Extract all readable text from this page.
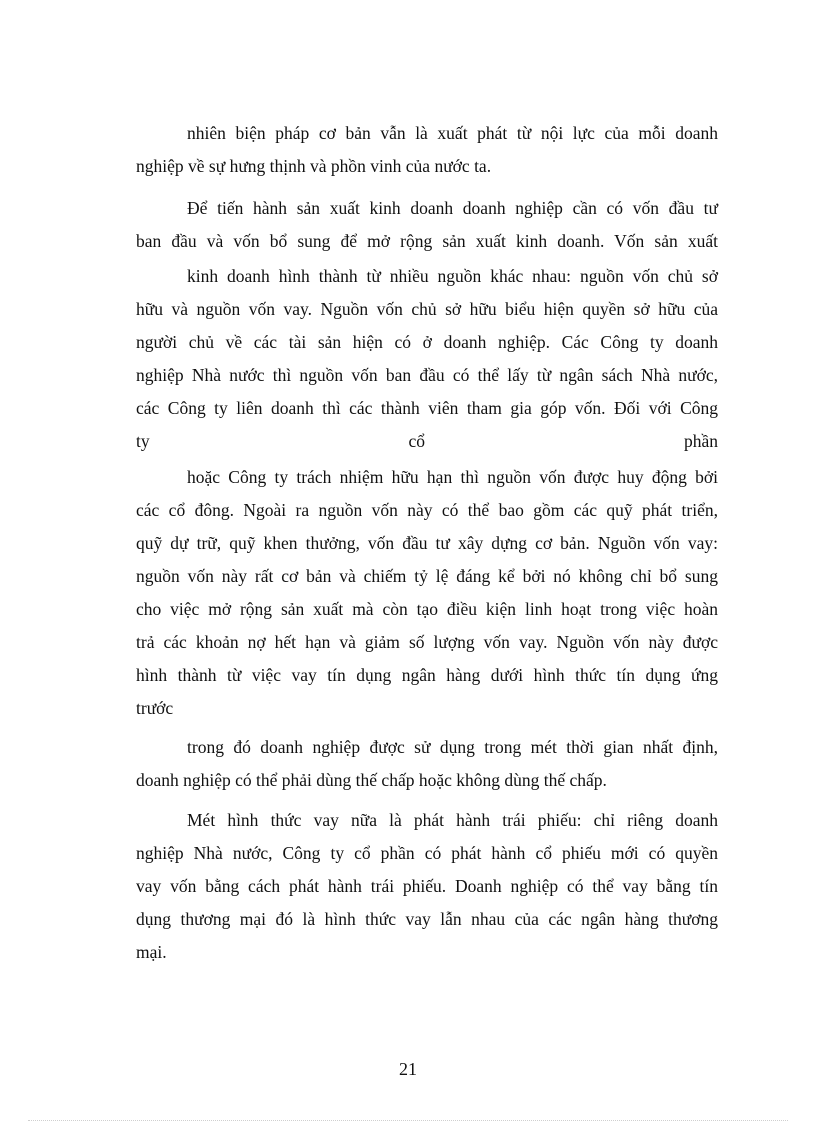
nhiên biện pháp cơ bản vẫn là xuất phát từ nội lực của mỗi doanh
nghiệp về sự hưng thịnh và phồn vinh của nước ta.
Để tiến hành sản xuất kinh doanh doanh nghiệp cần có vốn đầu tư
ban đầu và vốn bổ sung để mở rộng sản xuất kinh doanh. Vốn sản xuất
kinh doanh hình thành từ nhiều nguồn khác nhau: nguồn vốn chủ sở
hữu và nguồn vốn vay. Nguồn vốn chủ sở hữu biểu hiện quyền sở hữu của
người chủ về các tài sản hiện có ở doanh nghiệp. Các Công ty doanh
nghiệp Nhà nước thì nguồn vốn ban đầu có thể lấy từ ngân sách Nhà nước,
các Công ty liên doanh thì các thành viên tham gia góp vốn. Đối với Công
ty cổ phần
hoặc Công ty trách nhiệm hữu hạn thì nguồn vốn được huy động bởi
các cổ đông. Ngoài ra nguồn vốn này có thể bao gồm các quỹ phát triển,
quỹ dự trữ, quỹ khen thưởng, vốn đầu tư xây dựng cơ bản. Nguồn vốn vay:
nguồn vốn này rất cơ bản và chiếm tỷ lệ đáng kể bởi nó không chỉ bổ sung
cho việc mở rộng sản xuất mà còn tạo điều kiện linh hoạt trong việc hoàn
trả các khoản nợ hết hạn và giảm số lượng vốn vay. Nguồn vốn này được
hình thành từ việc vay tín dụng ngân hàng dưới hình thức tín dụng ứng
trước
trong đó doanh nghiệp được sử dụng trong mét thời gian nhất định,
doanh nghiệp có thể phải dùng thế chấp hoặc không dùng thế chấp.
Mét hình thức vay nữa là phát hành trái phiếu: chỉ riêng doanh
nghiệp Nhà nước, Công ty cổ phần có phát hành cổ phiếu mới có quyền
vay vốn bằng cách phát hành trái phiếu. Doanh nghiệp có thể vay bằng tín
dụng thương mại đó là hình thức vay lẫn nhau của các ngân hàng thương
mại.
21
